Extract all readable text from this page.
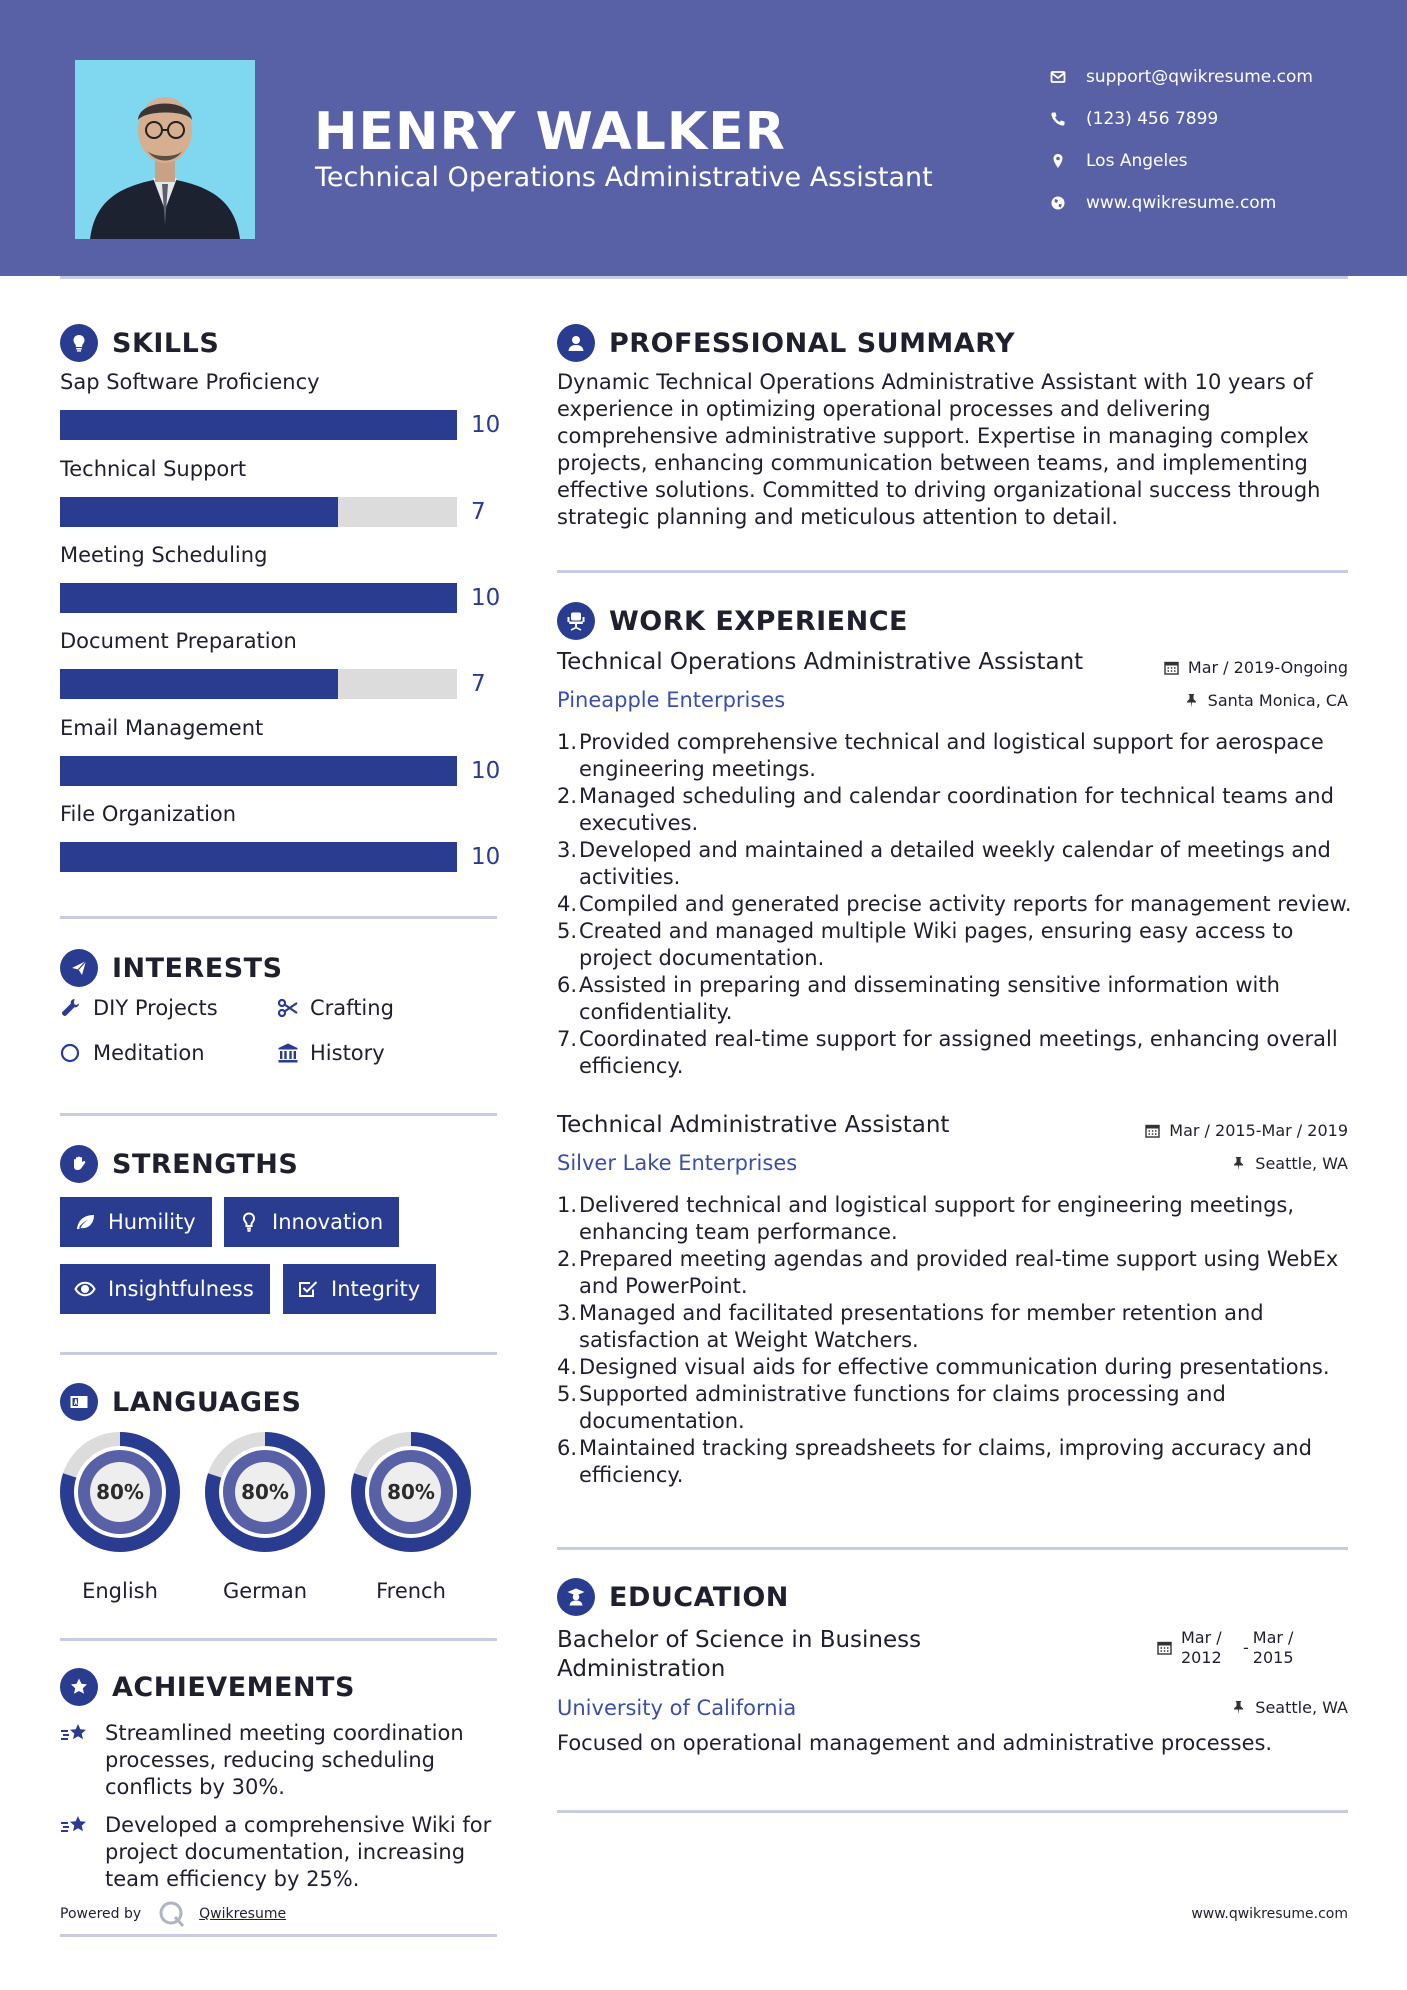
HENRY WALKER
Technical Operations Administrative Assistant
support@qwikresume.com
(123) 456 7899
Los Angeles
www.qwikresume.com
SKILLS
Sap Software Proficiency
10
Technical Support
7
Meeting Scheduling
10
Document Preparation
7
Email Management
10
File Organization
10
INTERESTS
DIY Projects	Crafting
Meditation	History
STRENGTHS
Humility	Innovation
Insightfulness	Integrity
LANGUAGES
80%
English
80%
German
80%
French
ACHIEVEMENTS
Streamlined meeting coordination processes, reducing scheduling conflicts by 30%.
Developed a comprehensive Wiki for project documentation, increasing team efficiency by 25%.
Powered by	Qwikresume
PROFESSIONAL SUMMARY
Dynamic Technical Operations Administrative Assistant with 10 years of experience in optimizing operational processes and delivering comprehensive administrative support. Expertise in managing complex projects, enhancing communication between teams, and implementing effective solutions. Committed to driving organizational success through strategic planning and meticulous attention to detail.
WORK EXPERIENCE
Technical Operations Administrative Assistant	Mar / 2019-Ongoing
Pineapple Enterprises	Santa Monica, CA
1. Provided comprehensive technical and logistical support for aerospace engineering meetings.
2. Managed scheduling and calendar coordination for technical teams and executives.
3. Developed and maintained a detailed weekly calendar of meetings and activities.
4. Compiled and generated precise activity reports for management review.
5. Created and managed multiple Wiki pages, ensuring easy access to project documentation.
6. Assisted in preparing and disseminating sensitive information with confidentiality.
7. Coordinated real-time support for assigned meetings, enhancing overall efficiency.
Technical Administrative Assistant	Mar / 2015-Mar / 2019
Silver Lake Enterprises	Seattle, WA
1. Delivered technical and logistical support for engineering meetings, enhancing team performance.
2. Prepared meeting agendas and provided real-time support using WebEx and PowerPoint.
3. Managed and facilitated presentations for member retention and satisfaction at Weight Watchers.
4. Designed visual aids for effective communication during presentations.
5. Supported administrative functions for claims processing and documentation.
6. Maintained tracking spreadsheets for claims, improving accuracy and efficiency.
EDUCATION
Bachelor of Science in Business Administration
Mar / 2012
-
Mar / 2015
University of California	Seattle, WA
Focused on operational management and administrative processes.
www.qwikresume.com
